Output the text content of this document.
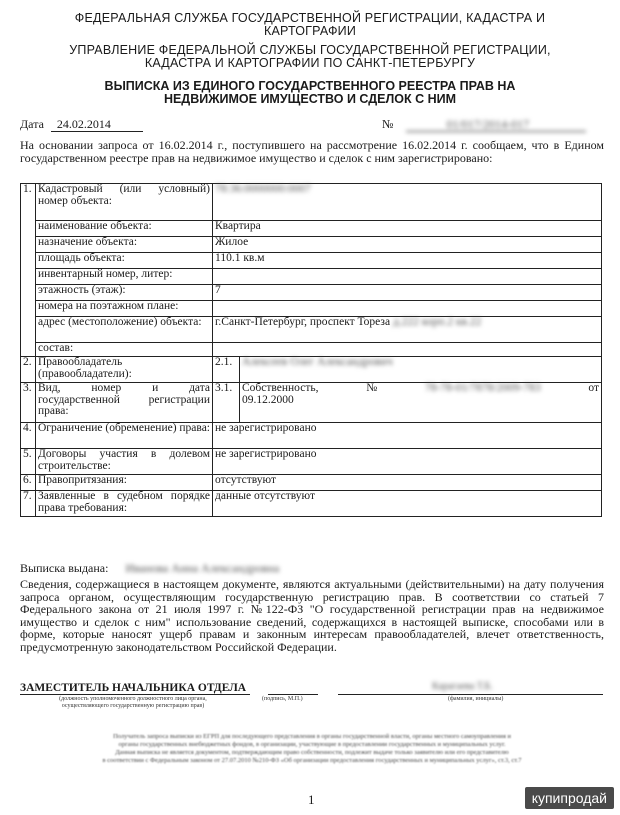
ФЕДЕРАЛЬНАЯ СЛУЖБА ГОСУДАРСТВЕННОЙ РЕГИСТРАЦИИ, КАДАСТРА И
КАРТОГРАФИИ
УПРАВЛЕНИЕ ФЕДЕРАЛЬНОЙ СЛУЖБЫ ГОСУДАРСТВЕННОЙ РЕГИСТРАЦИИ,
КАДАСТРА И КАРТОГРАФИИ ПО САНКТ-ПЕТЕРБУРГУ
ВЫПИСКА ИЗ ЕДИНОГО ГОСУДАРСТВЕННОГО РЕЕСТРА ПРАВ НА
НЕДВИЖИМОЕ ИМУЩЕСТВО И СДЕЛОК С НИМ
Дата 24.02.2014	№	01/017/2014-017
На основании запроса от 16.02.2014 г., поступившего на рассмотрение 16.02.2014 г. сообщаем, что в Едином государственном реестре прав на недвижимое имущество и сделок с ним зарегистрировано:
1.	Кадастровый (или условный) номер объекта:	78:36:0000000:0007	
	наименование объекта:	Квартира	
	назначение объекта:	Жилое	
	площадь объекта:	110.1 кв.м	
	инвентарный номер, литер:		
	этажность (этаж):	7	
	номера на поэтажном плане:		
	адрес (местоположение) объекта:	г.Санкт-Петербург, проспект Тореза д.222 корп.2 кв.22	
	состав:		
2.	Правообладатель (правообладатели):	2.1.	Алексеев Олег Александрович
3.	Вид, номер и дата государственной регистрации права:	3.1.	Собственность, № 78-78-01/7878/2009-783 от
09.12.2000

4.	Ограничение (обременение) права:	не зарегистрировано	
5.	Договоры участия в долевом строительстве:	не зарегистрировано	
6.	Правопритязания:	отсутствуют	
7.	Заявленные в судебном порядке права требования:	данные отсутствуют	
Выписка выдана: Иванова Анна Александровна
Сведения, содержащиеся в настоящем документе, являются актуальными (действительными) на дату получения запроса органом, осуществляющим государственную регистрацию прав. В соответствии со статьей 7 Федерального закона от 21 июля 1997 г. №122-ФЗ "О государственной регистрации прав на недвижимое имущество и сделок с ним" использование сведений, содержащихся в настоящей выписке, способами или в форме, которые наносят ущерб правам и законным интересам правообладателей, влечет ответственность, предусмотренную законодательством Российской Федерации.
ЗАМЕСТИТЕЛЬ НАЧАЛЬНИКА ОТДЕЛА	Карагаева Т.Б.
(должность уполномоченного должностного лица органа,
осуществляющего государственную регистрацию прав)
(подпись, М.П.)	(фамилия, инициалы)
Получатель запроса выписки из ЕГРП для последующего представления в органы государственной власти, органы местного самоуправления и
органы государственных внебюджетных фондов, в организации, участвующие в предоставлении государственных и муниципальных услуг.
Данная выписка не является документом, подтверждающим право собственности, подлежит выдаче только заявителю или его представителю
в соответствии с Федеральным законом от 27.07.2010 №210-ФЗ «Об организации предоставления государственных и муниципальных услуг», ст.3, ст.7
1	купипродай
